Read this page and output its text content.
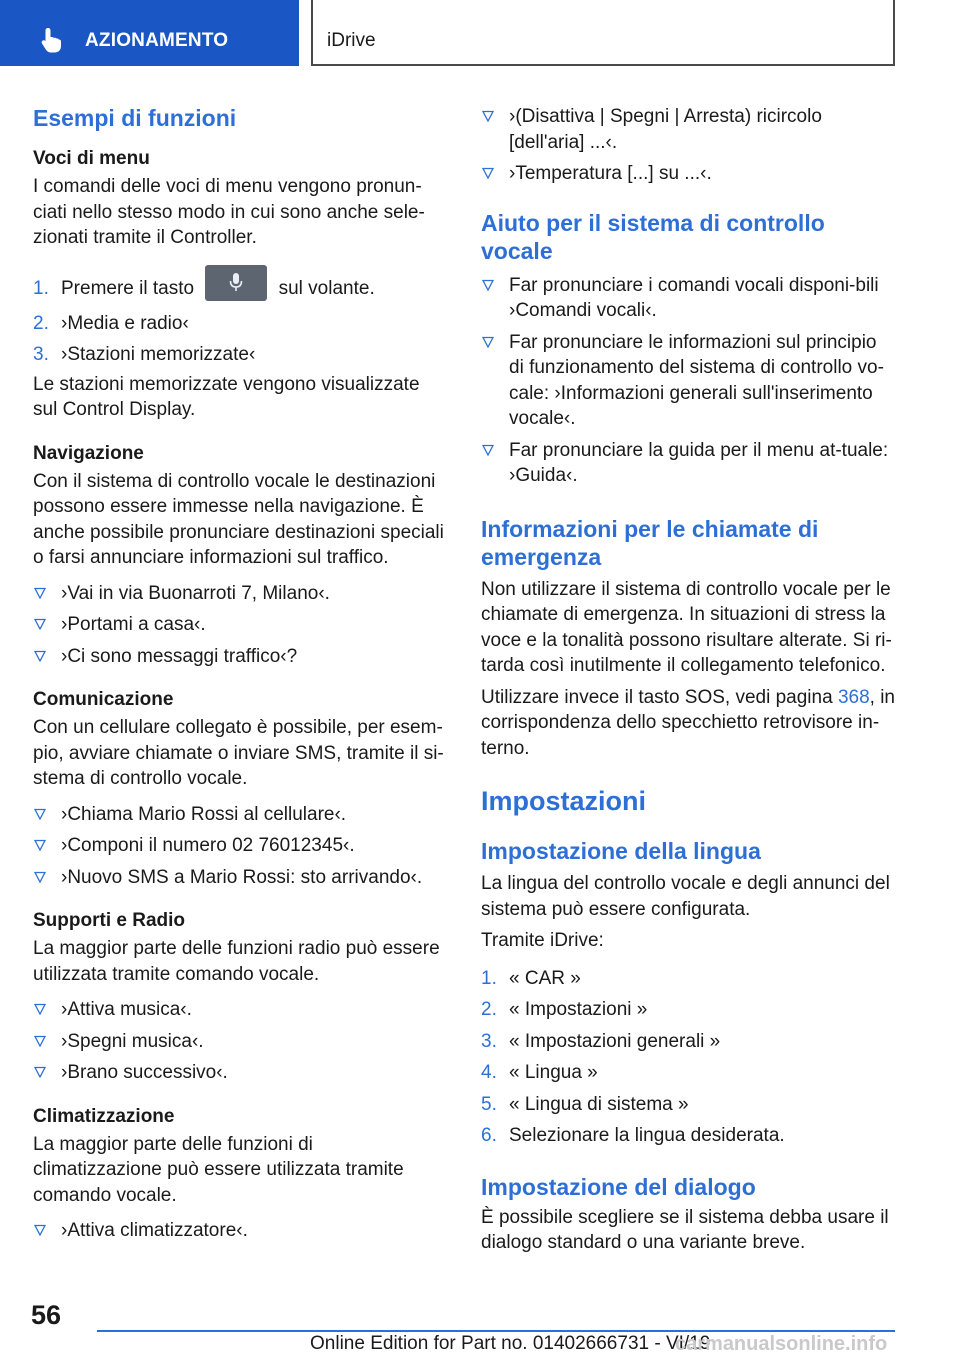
AZIONAMENTO	iDrive
Esempi di funzioni
Voci di menu

I comandi delle voci di menu vengono pronun-ciati nello stesso modo in cui sono anche sele-zionati tramite il Controller.

1. Premere il tasto	sul volante.
2. ›Media e radio‹
3. ›Stazioni memorizzate‹

Le stazioni memorizzate vengono visualizzate sul Control Display.

Navigazione

Con il sistema di controllo vocale le destinazioni possono essere immesse nella navigazione. È anche possibile pronunciare destinazioni speciali o farsi annunciare informazioni sul traffico.

›Vai in via Buonarroti 7, Milano‹.
›Portami a casa‹.
›Ci sono messaggi traffico‹?
Comunicazione

Con un cellulare collegato è possibile, per esem-pio, avviare chiamate o inviare SMS, tramite il si-stema di controllo vocale.

›Chiama Mario Rossi al cellulare‹.
›Componi il numero 02 76012345‹.
›Nuovo SMS a Mario Rossi: sto arrivando‹.
Supporti e Radio

La maggior parte delle funzioni radio può essere utilizzata tramite comando vocale.

›Attiva musica‹.
›Spegni musica‹.
›Brano successivo‹.
Climatizzazione

La maggior parte delle funzioni di climatizzazione può essere utilizzata tramite comando vocale.

›Attiva climatizzatore‹.
›(Disattiva | Spegni | Arresta) ricircolo [dell'aria] ...‹.
›Temperatura [...] su ...‹.
Aiuto per il sistema di controllo vocale
Far pronunciare i comandi vocali disponi-bili ›Comandi vocali‹.
Far pronunciare le informazioni sul principio di funzionamento del sistema di controllo vo-cale: ›Informazioni generali sull'inserimento vocale‹.
Far pronunciare la guida per il menu at-tuale: ›Guida‹.
Informazioni per le chiamate di emergenza

Non utilizzare il sistema di controllo vocale per le chiamate di emergenza. In situazioni di stress la voce e la tonalità possono risultare alterate. Si ri-tarda così inutilmente il collegamento telefonico.

Utilizzare invece il tasto SOS, vedi pagina 368, in corrispondenza dello specchietto retrovisore in-terno.

Impostazioni
Impostazione della lingua

La lingua del controllo vocale e degli annunci del sistema può essere configurata.

Tramite iDrive:

1. « CAR »
2. « Impostazioni »
3. « Impostazioni generali »
4. « Lingua »
5. « Lingua di sistema »
6. Selezionare la lingua desiderata.
Impostazione del dialogo

È possibile scegliere se il sistema debba usare il dialogo standard o una variante breve.

56
Online Edition for Part no. 01402666731 - VI/19
carmanualsonline.info
